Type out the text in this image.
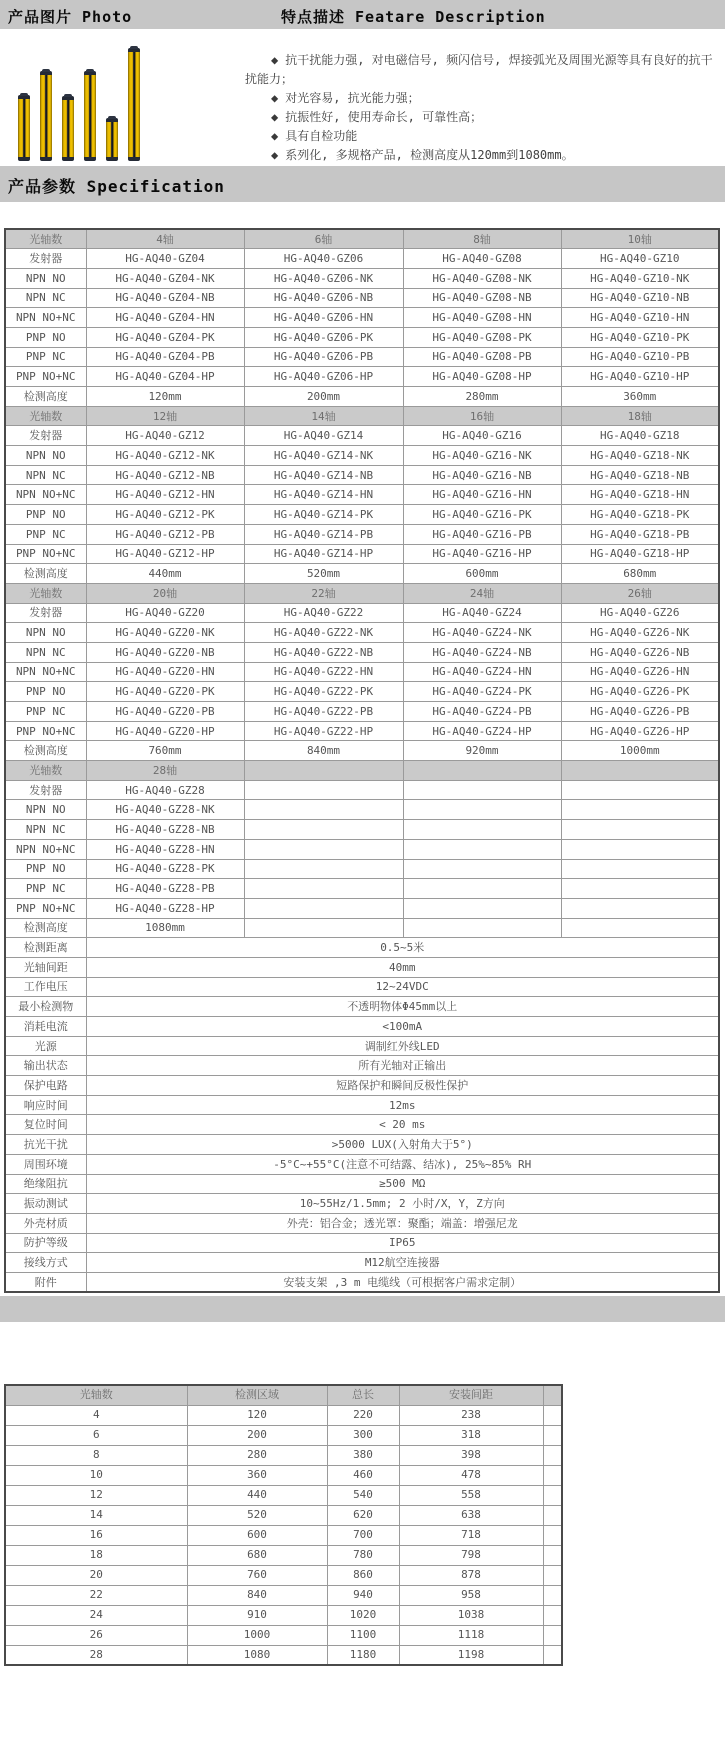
产品图片 Photo	特点描述 Featare Description
◆ 抗干扰能力强, 对电磁信号, 频闪信号, 焊接弧光及周围光源等具有良好的抗干扰能力；
◆ 对光容易, 抗光能力强；
◆ 抗振性好, 使用寿命长, 可靠性高；
◆ 具有自检功能
◆ 系列化, 多规格产品, 检测高度从120mm到1080mm。
产品参数 Specification
光轴数	4轴	6轴	8轴	10轴
发射器	HG-AQ40-GZ04	HG-AQ40-GZ06	HG-AQ40-GZ08	HG-AQ40-GZ10
NPN NO	HG-AQ40-GZ04-NK	HG-AQ40-GZ06-NK	HG-AQ40-GZ08-NK	HG-AQ40-GZ10-NK
NPN NC	HG-AQ40-GZ04-NB	HG-AQ40-GZ06-NB	HG-AQ40-GZ08-NB	HG-AQ40-GZ10-NB
NPN NO+NC	HG-AQ40-GZ04-HN	HG-AQ40-GZ06-HN	HG-AQ40-GZ08-HN	HG-AQ40-GZ10-HN
PNP NO	HG-AQ40-GZ04-PK	HG-AQ40-GZ06-PK	HG-AQ40-GZ08-PK	HG-AQ40-GZ10-PK
PNP NC	HG-AQ40-GZ04-PB	HG-AQ40-GZ06-PB	HG-AQ40-GZ08-PB	HG-AQ40-GZ10-PB
PNP NO+NC	HG-AQ40-GZ04-HP	HG-AQ40-GZ06-HP	HG-AQ40-GZ08-HP	HG-AQ40-GZ10-HP
检测高度	120mm	200mm	280mm	360mm
光轴数	12轴	14轴	16轴	18轴
发射器	HG-AQ40-GZ12	HG-AQ40-GZ14	HG-AQ40-GZ16	HG-AQ40-GZ18
NPN NO	HG-AQ40-GZ12-NK	HG-AQ40-GZ14-NK	HG-AQ40-GZ16-NK	HG-AQ40-GZ18-NK
NPN NC	HG-AQ40-GZ12-NB	HG-AQ40-GZ14-NB	HG-AQ40-GZ16-NB	HG-AQ40-GZ18-NB
NPN NO+NC	HG-AQ40-GZ12-HN	HG-AQ40-GZ14-HN	HG-AQ40-GZ16-HN	HG-AQ40-GZ18-HN
PNP NO	HG-AQ40-GZ12-PK	HG-AQ40-GZ14-PK	HG-AQ40-GZ16-PK	HG-AQ40-GZ18-PK
PNP NC	HG-AQ40-GZ12-PB	HG-AQ40-GZ14-PB	HG-AQ40-GZ16-PB	HG-AQ40-GZ18-PB
PNP NO+NC	HG-AQ40-GZ12-HP	HG-AQ40-GZ14-HP	HG-AQ40-GZ16-HP	HG-AQ40-GZ18-HP
检测高度	440mm	520mm	600mm	680mm
光轴数	20轴	22轴	24轴	26轴
发射器	HG-AQ40-GZ20	HG-AQ40-GZ22	HG-AQ40-GZ24	HG-AQ40-GZ26
NPN NO	HG-AQ40-GZ20-NK	HG-AQ40-GZ22-NK	HG-AQ40-GZ24-NK	HG-AQ40-GZ26-NK
NPN NC	HG-AQ40-GZ20-NB	HG-AQ40-GZ22-NB	HG-AQ40-GZ24-NB	HG-AQ40-GZ26-NB
NPN NO+NC	HG-AQ40-GZ20-HN	HG-AQ40-GZ22-HN	HG-AQ40-GZ24-HN	HG-AQ40-GZ26-HN
PNP NO	HG-AQ40-GZ20-PK	HG-AQ40-GZ22-PK	HG-AQ40-GZ24-PK	HG-AQ40-GZ26-PK
PNP NC	HG-AQ40-GZ20-PB	HG-AQ40-GZ22-PB	HG-AQ40-GZ24-PB	HG-AQ40-GZ26-PB
PNP NO+NC	HG-AQ40-GZ20-HP	HG-AQ40-GZ22-HP	HG-AQ40-GZ24-HP	HG-AQ40-GZ26-HP
检测高度	760mm	840mm	920mm	1000mm
光轴数	28轴			
发射器	HG-AQ40-GZ28			
NPN NO	HG-AQ40-GZ28-NK			
NPN NC	HG-AQ40-GZ28-NB			
NPN NO+NC	HG-AQ40-GZ28-HN			
PNP NO	HG-AQ40-GZ28-PK			
PNP NC	HG-AQ40-GZ28-PB			
PNP NO+NC	HG-AQ40-GZ28-HP			
检测高度	1080mm			
检测距离	0.5~5米			
光轴间距	40mm			
工作电压	12~24VDC			
最小检测物	不透明物体Φ45mm以上			
消耗电流	<100mA			
光源	调制红外线LED			
输出状态	所有光轴对正输出			
保护电路	短路保护和瞬间反极性保护			
响应时间	12ms			
复位时间	< 20 ms			
抗光干扰	>5000 LUX(入射角大于5°)			
周围环境	-5°C~+55°C(注意不可结露、结冰), 25%~85% RH			
绝缘阻抗	≥500 MΩ			
振动测试	10~55Hz/1.5mm; 2 小时/X，Y，Z方向			
外壳材质	外壳：铝合金；透光罩：聚酯；端盖：增强尼龙			
防护等级	IP65			
接线方式	M12航空连接器			
附件	安装支架 ,3 m 电缆线（可根据客户需求定制）			
光轴数	检测区域	总长	安装间距	
4	120	220	238	
6	200	300	318	
8	280	380	398	
10	360	460	478	
12	440	540	558	
14	520	620	638	
16	600	700	718	
18	680	780	798	
20	760	860	878	
22	840	940	958	
24	910	1020	1038	
26	1000	1100	1118	
28	1080	1180	1198	
